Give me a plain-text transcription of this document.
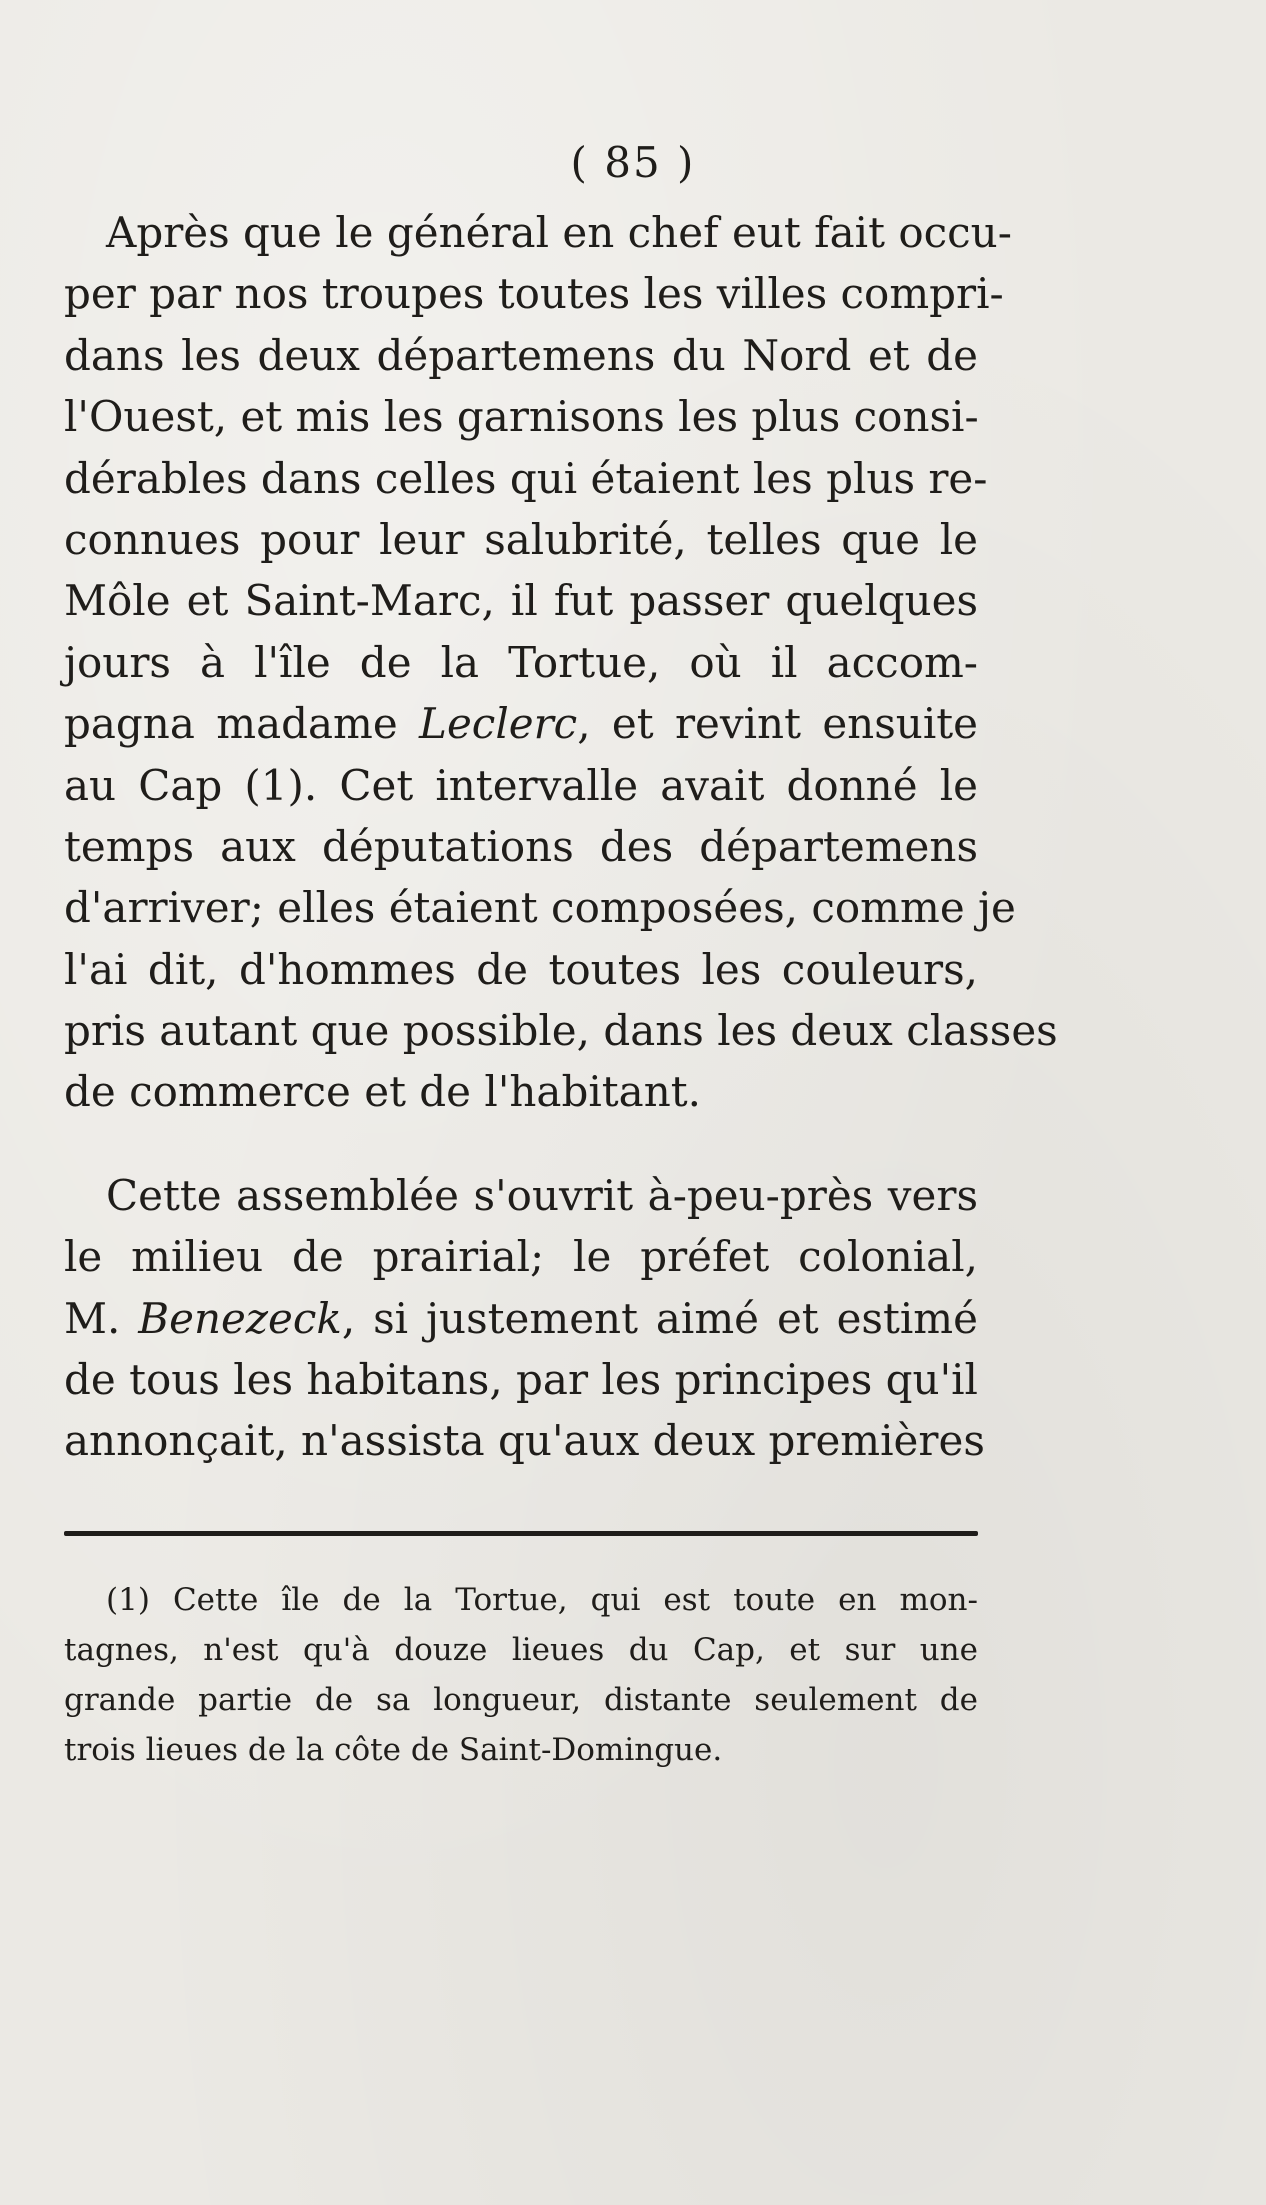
( 85 )
Après que le général en chef eut fait occu-
per par nos troupes toutes les villes compri-
dans les deux départemens du Nord et de
l'Ouest, et mis les garnisons les plus consi-
dérables dans celles qui étaient les plus re-
connues pour leur salubrité, telles que le
Môle et Saint-Marc, il fut passer quelques
jours à l'île de la Tortue, où il accom-
pagna madame Leclerc, et revint ensuite
au Cap (1). Cet intervalle avait donné le
temps aux députations des départemens
d'arriver; elles étaient composées, comme je
l'ai dit, d'hommes de toutes les couleurs,
pris autant que possible, dans les deux classes
de commerce et de l'habitant.
Cette assemblée s'ouvrit à-peu-près vers
le milieu de prairial; le préfet colonial,
M. Benezeck, si justement aimé et estimé
de tous les habitans, par les principes qu'il
annonçait, n'assista qu'aux deux premières
(1) Cette île de la Tortue, qui est toute en mon-
tagnes, n'est qu'à douze lieues du Cap, et sur une
grande partie de sa longueur, distante seulement de
trois lieues de la côte de Saint-Domingue.
